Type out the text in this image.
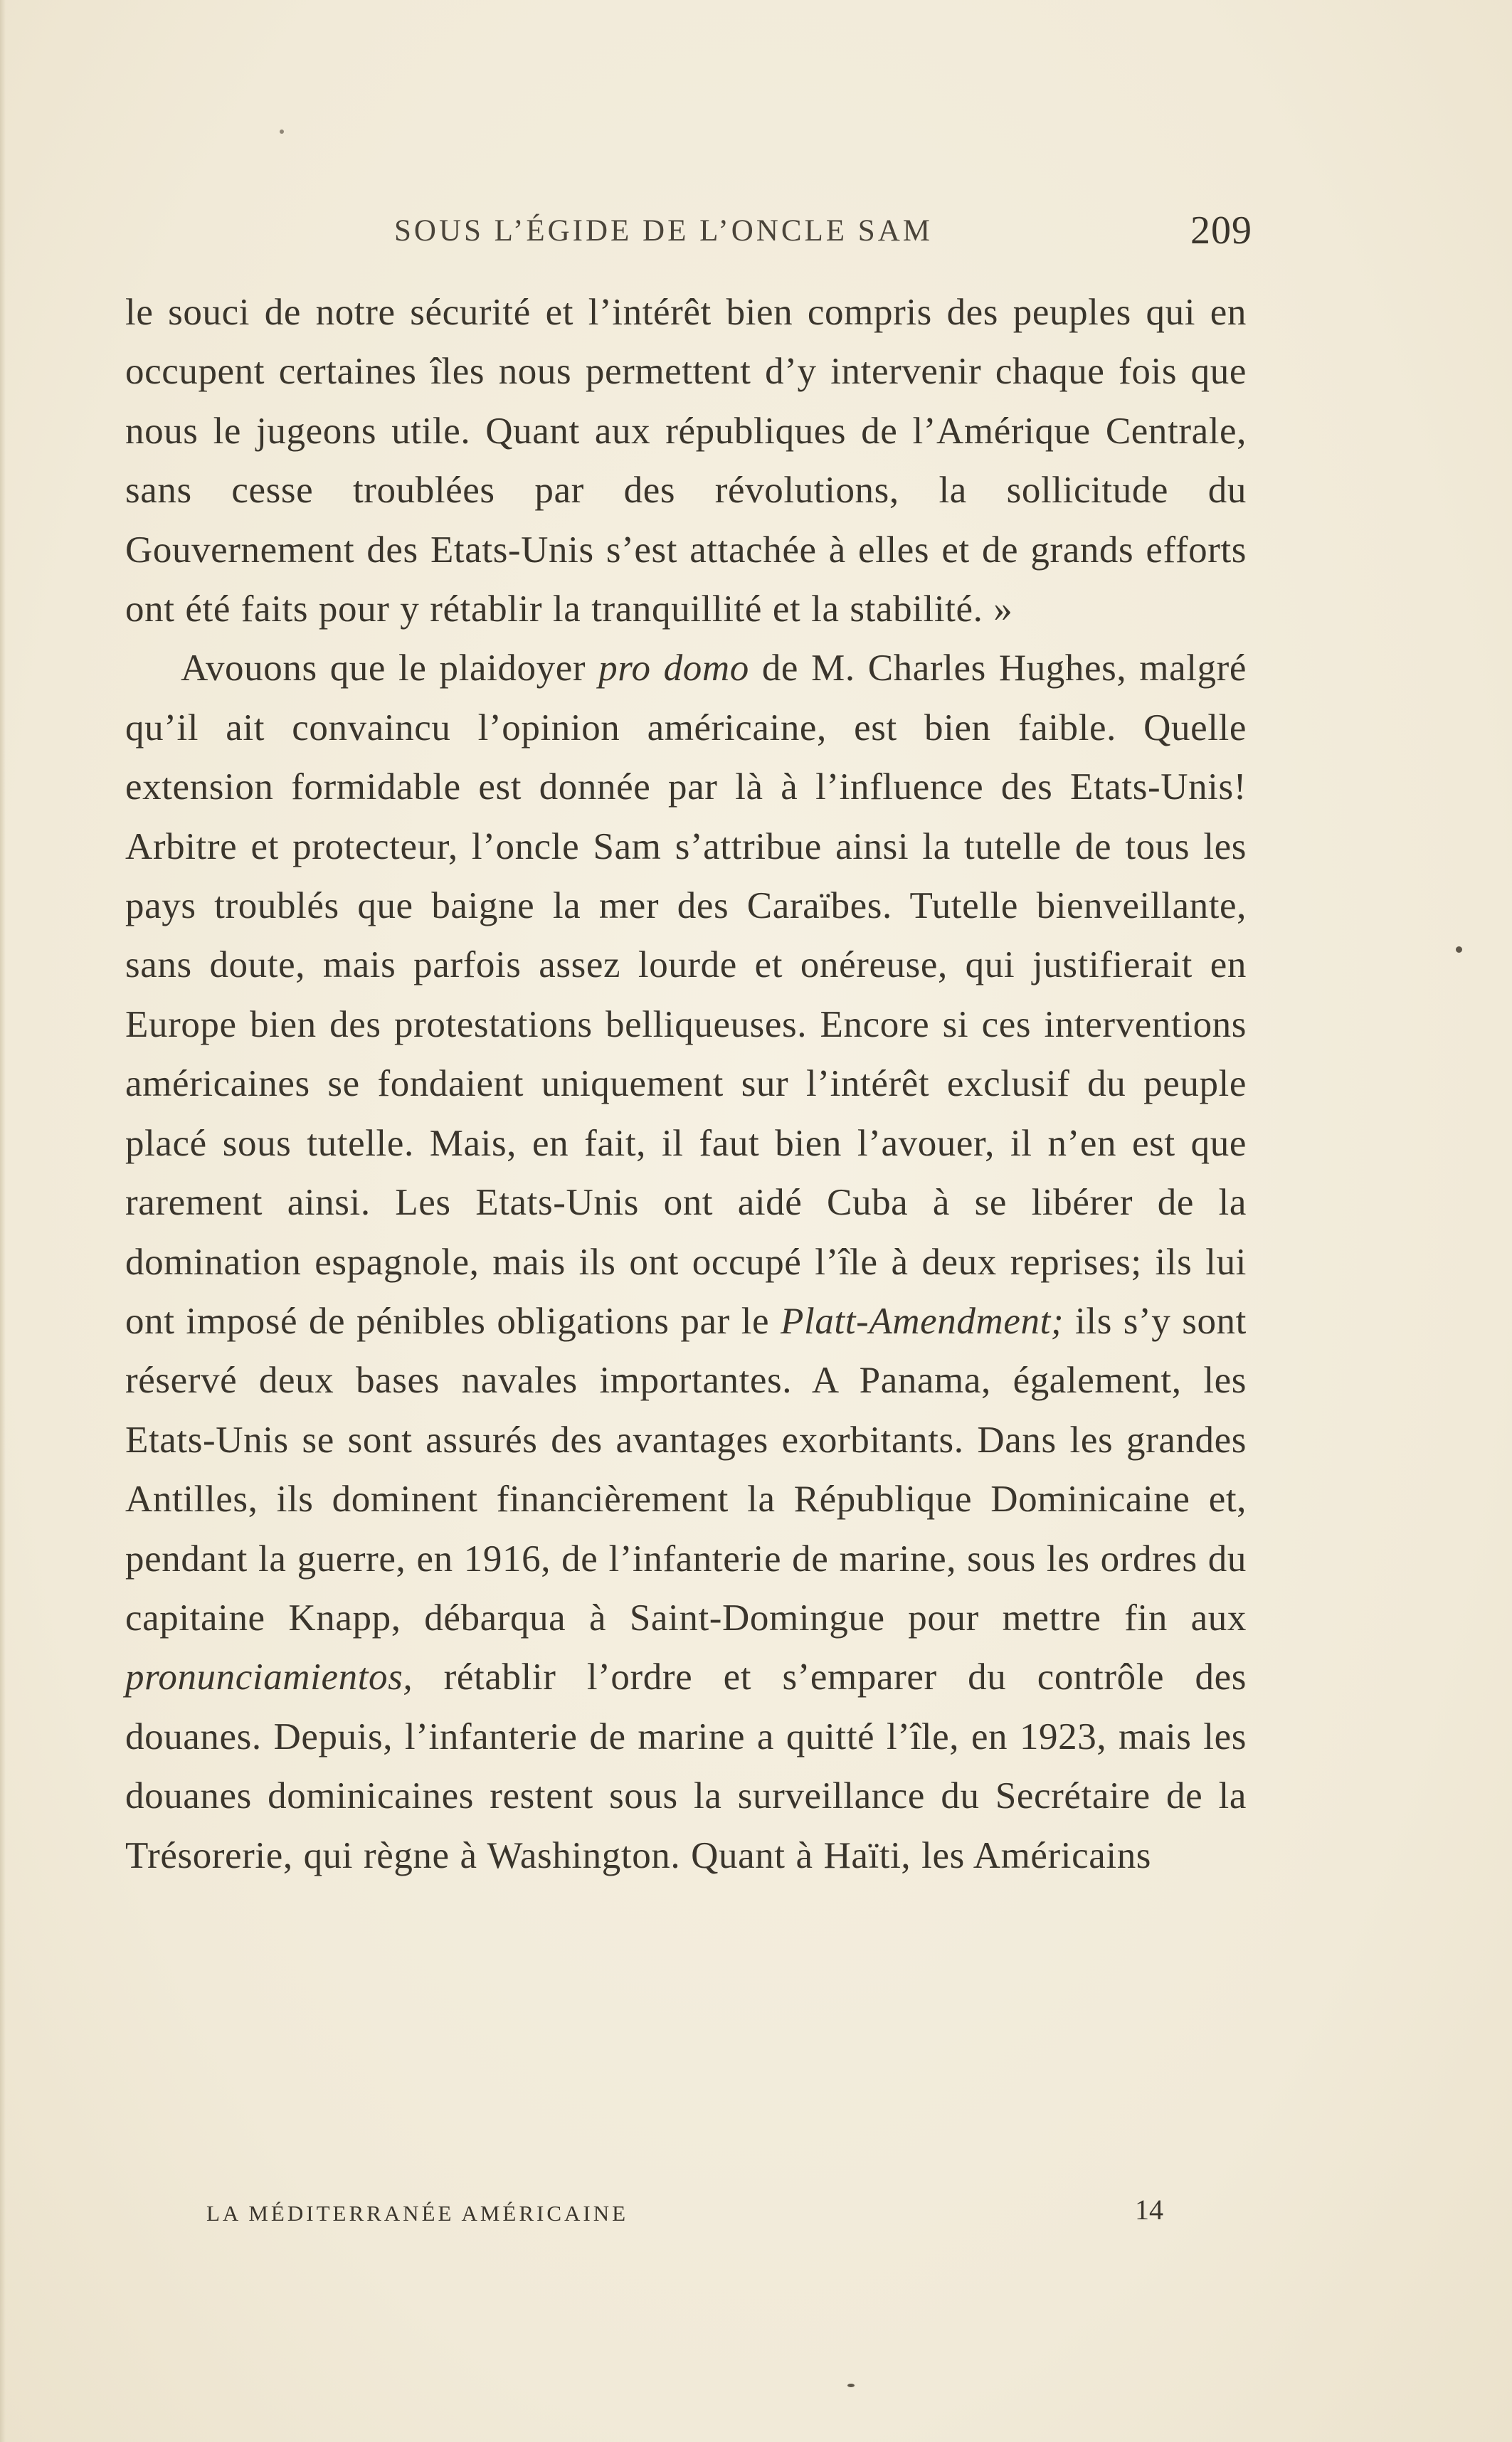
SOUS L’ÉGIDE DE L’ONCLE SAM	209

le souci de notre sécurité et l’intérêt bien compris des peuples qui en occupent certaines îles nous permettent d’y intervenir chaque fois que nous le jugeons utile. Quant aux républiques de l’Amérique Centrale, sans cesse troublées par des révolutions, la sollicitude du Gouvernement des Etats-Unis s’est attachée à elles et de grands efforts ont été faits pour y rétablir la tranquillité et la stabilité. »

Avouons que le plaidoyer pro domo de M. Charles Hughes, malgré qu’il ait convaincu l’opinion américaine, est bien faible. Quelle extension formidable est donnée par là à l’influence des Etats-Unis! Arbitre et protecteur, l’oncle Sam s’attribue ainsi la tutelle de tous les pays troublés que baigne la mer des Caraïbes. Tutelle bienveillante, sans doute, mais parfois assez lourde et onéreuse, qui justifierait en Europe bien des protestations belliqueuses. Encore si ces interventions américaines se fondaient uniquement sur l’intérêt exclusif du peuple placé sous tutelle. Mais, en fait, il faut bien l’avouer, il n’en est que rarement ainsi. Les Etats-Unis ont aidé Cuba à se libérer de la domination espagnole, mais ils ont occupé l’île à deux reprises; ils lui ont imposé de pénibles obligations par le Platt-Amendment; ils s’y sont réservé deux bases navales importantes. A Panama, également, les Etats-Unis se sont assurés des avantages exorbitants. Dans les grandes Antilles, ils dominent financièrement la République Dominicaine et, pendant la guerre, en 1916, de l’infanterie de marine, sous les ordres du capitaine Knapp, débarqua à Saint-Domingue pour mettre fin aux pronunciamientos, rétablir l’ordre et s’emparer du contrôle des douanes. Depuis, l’infanterie de marine a quitté l’île, en 1923, mais les douanes dominicaines restent sous la surveillance du Secrétaire de la Trésorerie, qui règne à Washington. Quant à Haïti, les Américains

LA MÉDITERRANÉE AMÉRICAINE	14
